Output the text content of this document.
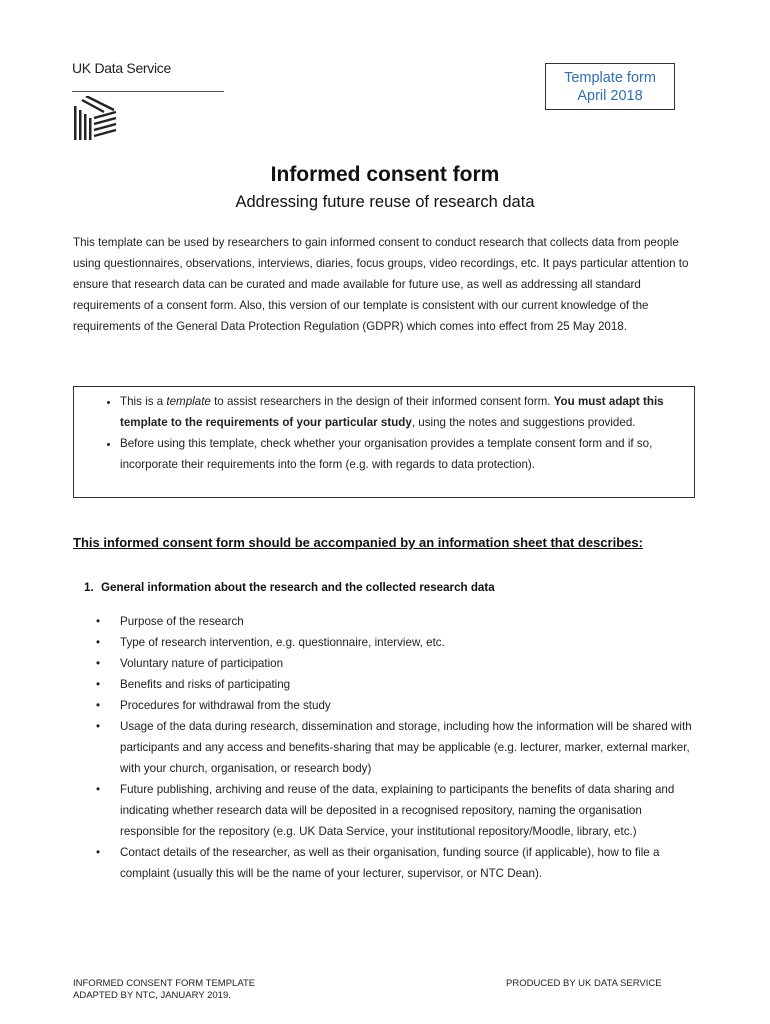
UK Data Service
Template form
April 2018
Informed consent form
Addressing future reuse of research data

This template can be used by researchers to gain informed consent to conduct research that collects data from people using questionnaires, observations, interviews, diaries, focus groups, video recordings, etc. It pays particular attention to ensure that research data can be curated and made available for future use, as well as addressing all standard requirements of a consent form. Also, this version of our template is consistent with our current knowledge of the requirements of the General Data Protection Regulation (GDPR) which comes into effect from 25 May 2018.

• This is a template to assist researchers in the design of their informed consent form. You must adapt this template to the requirements of your particular study, using the notes and suggestions provided.
• Before using this template, check whether your organisation provides a template consent form and if so, incorporate their requirements into the form (e.g. with regards to data protection).
This informed consent form should be accompanied by an information sheet that describes:
1. General information about the research and the collected research data
• Purpose of the research
• Type of research intervention, e.g. questionnaire, interview, etc.
• Voluntary nature of participation
• Benefits and risks of participating
• Procedures for withdrawal from the study
• Usage of the data during research, dissemination and storage, including how the information will be shared with participants and any access and benefits-sharing that may be applicable (e.g. lecturer, marker, external marker, with your church, organisation, or research body)
• Future publishing, archiving and reuse of the data, explaining to participants the benefits of data sharing and indicating whether research data will be deposited in a recognised repository, naming the organisation responsible for the repository (e.g. UK Data Service, your institutional repository/Moodle, library, etc.)
• Contact details of the researcher, as well as their organisation, funding source (if applicable), how to file a complaint (usually this will be the name of your lecturer, supervisor, or NTC Dean).
INFORMED CONSENT FORM TEMPLATE
ADAPTED BY NTC, JANUARY 2019.
PRODUCED BY UK DATA SERVICE
